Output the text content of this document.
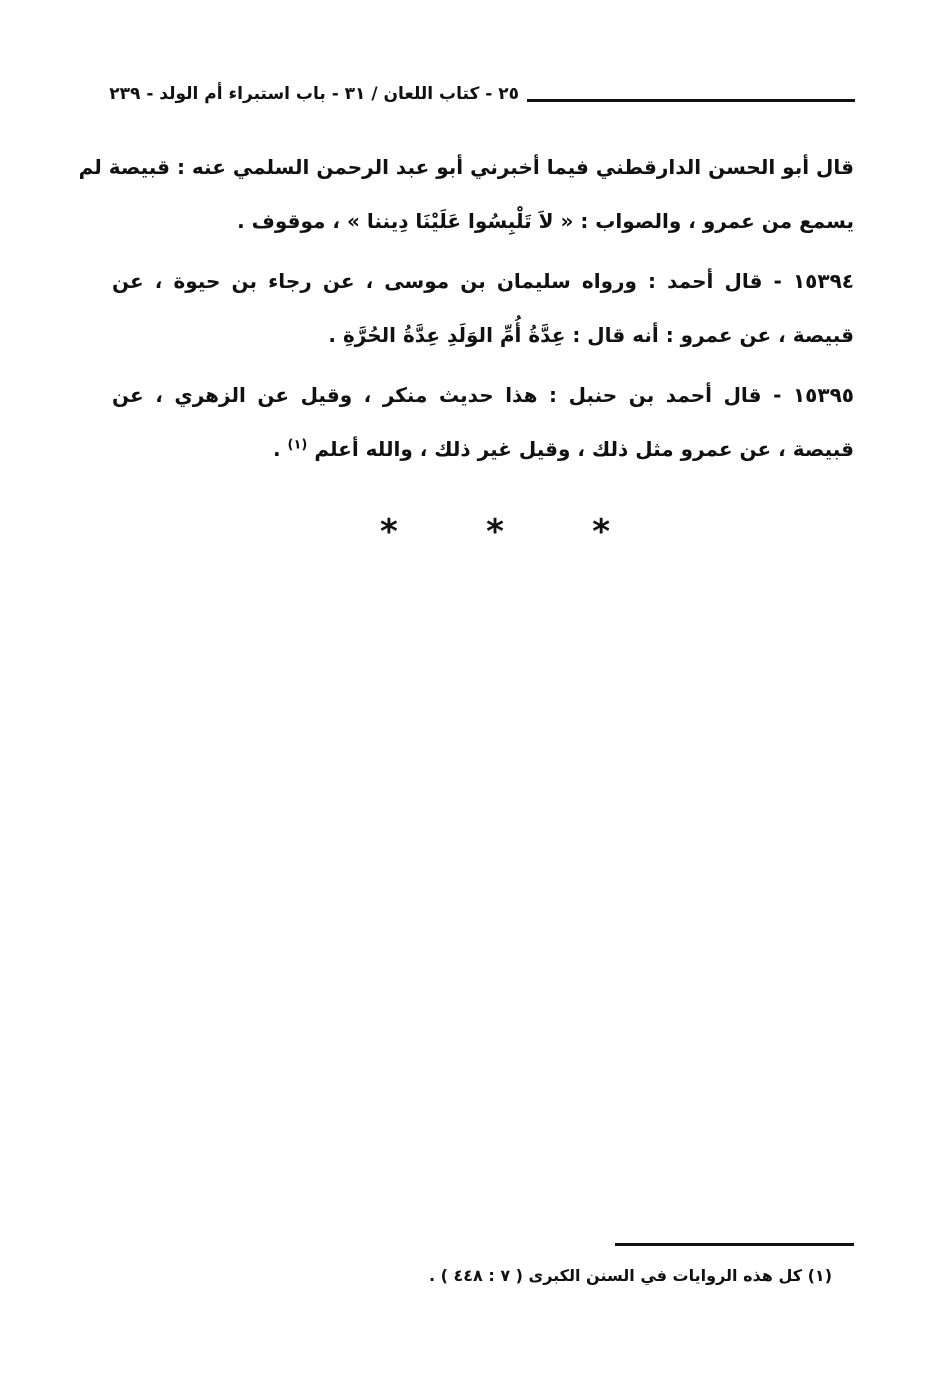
٢٥ - كتاب اللعان / ٣١ - باب استبراء أم الولد - ٢٣٩

قال أبو الحسن الدارقطني فيما أخبرني أبو عبد الرحمن السلمي عنه : قبيصة لم
يسمع من عمرو ، والصواب : « لاَ تَلْبِسُوا عَلَيْنَا دِيننا » ، موقوف .

١٥٣٩٤ - قال أحمد : ورواه سليمان بن موسى ، عن رجاء بن حيوة ، عن
قبيصة ، عن عمرو : أنه قال : عِدَّةُ أُمِّ الوَلَدِ عِدَّةُ الحُرَّةِ .

١٥٣٩٥ - قال أحمد بن حنبل : هذا حديث منكر ، وقيل عن الزهري ، عن
قبيصة ، عن عمرو مثل ذلك ، وقيل غير ذلك ، والله أعلم $^{(١)}$ .

*	*	*
(١) كل هذه الروايات في السنن الكبرى ( ٧ : ٤٤٨ ) .
